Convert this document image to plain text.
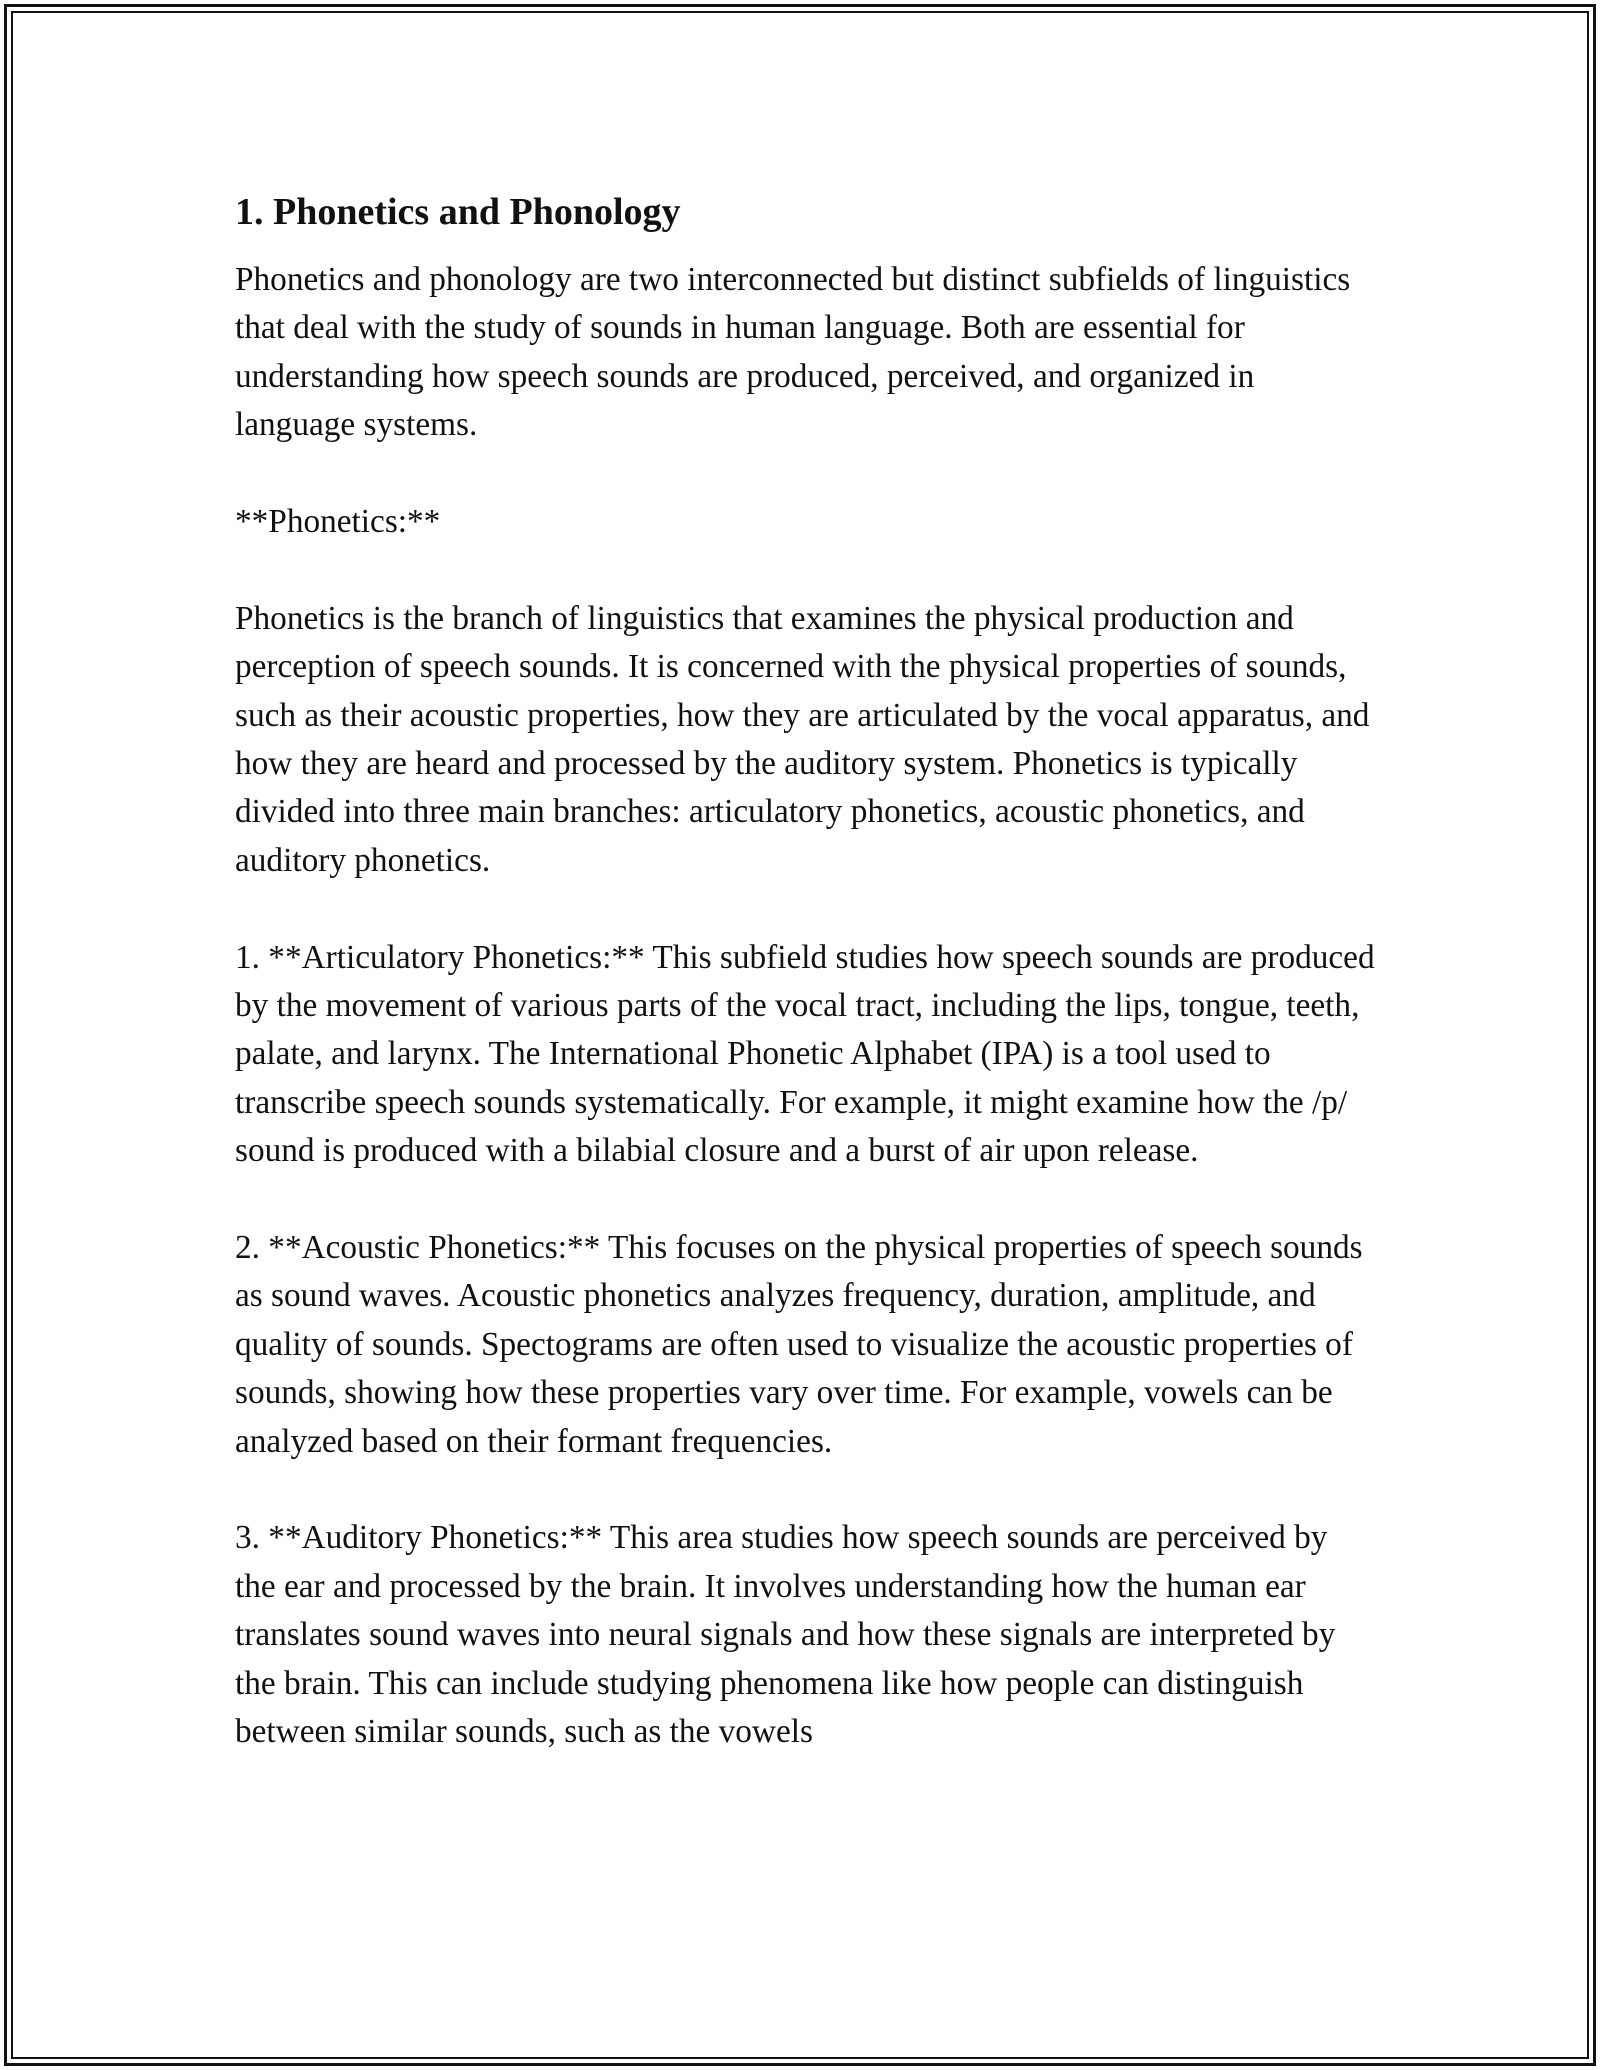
1. Phonetics and Phonology

Phonetics and phonology are two interconnected but distinct subfields of linguistics that deal with the study of sounds in human language. Both are essential for understanding how speech sounds are produced, perceived, and organized in language systems.

**Phonetics:**

Phonetics is the branch of linguistics that examines the physical production and perception of speech sounds. It is concerned with the physical properties of sounds, such as their acoustic properties, how they are articulated by the vocal apparatus, and how they are heard and processed by the auditory system. Phonetics is typically divided into three main branches: articulatory phonetics, acoustic phonetics, and auditory phonetics.

1. **Articulatory Phonetics:** This subfield studies how speech sounds are produced by the movement of various parts of the vocal tract, including the lips, tongue, teeth, palate, and larynx. The International Phonetic Alphabet (IPA) is a tool used to transcribe speech sounds systematically. For example, it might examine how the /p/ sound is produced with a bilabial closure and a burst of air upon release.

2. **Acoustic Phonetics:** This focuses on the physical properties of speech sounds as sound waves. Acoustic phonetics analyzes frequency, duration, amplitude, and quality of sounds. Spectograms are often used to visualize the acoustic properties of sounds, showing how these properties vary over time. For example, vowels can be analyzed based on their formant frequencies.

3. **Auditory Phonetics:** This area studies how speech sounds are perceived by the ear and processed by the brain. It involves understanding how the human ear translates sound waves into neural signals and how these signals are interpreted by the brain. This can include studying phenomena like how people can distinguish between similar sounds, such as the vowels
